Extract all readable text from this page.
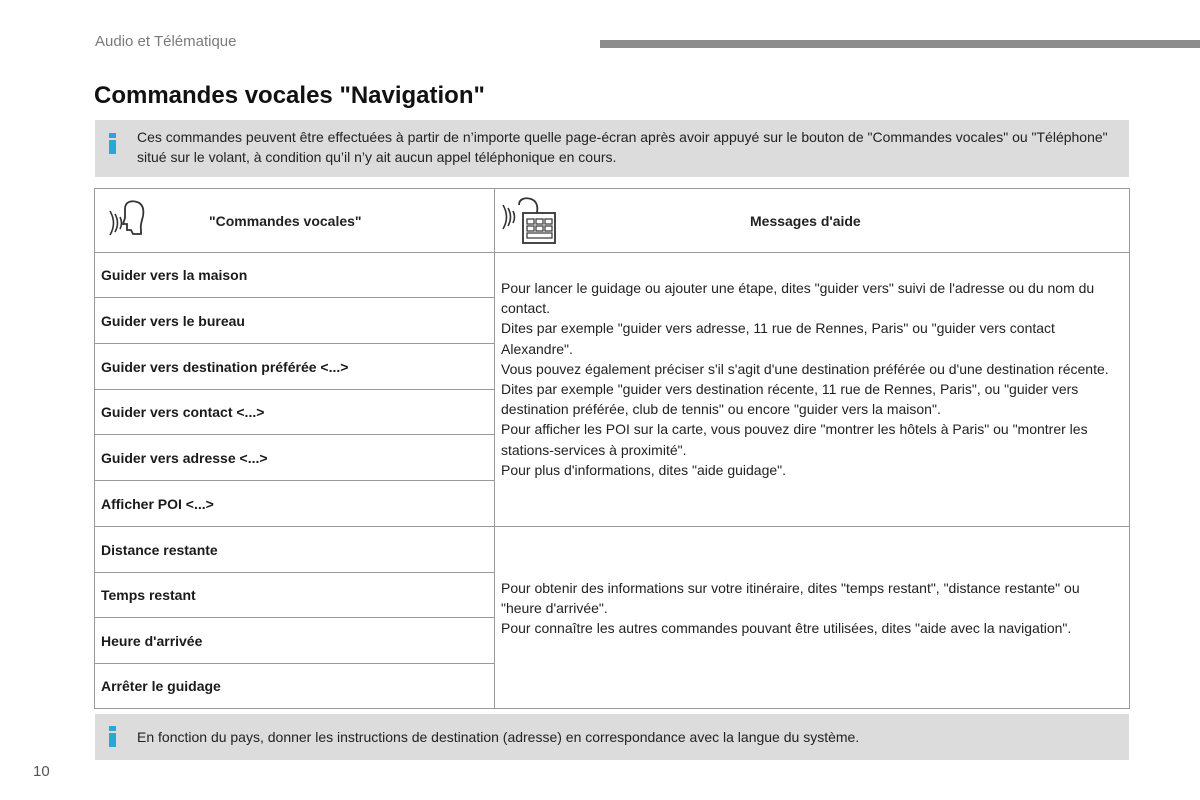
Audio et Télématique
Commandes vocales "Navigation"
Ces commandes peuvent être effectuées à partir de n’importe quelle page-écran après avoir appuyé sur le bouton de "Commandes vocales" ou "Téléphone" situé sur le volant, à condition qu’il n’y ait aucun appel téléphonique en cours.
"Commandes vocales"	Messages d'aide
Guider vers la maison
Guider vers le bureau
Guider vers destination préférée <...>
Guider vers contact <...>
Guider vers adresse <...>
Afficher POI <...>

Pour lancer le guidage ou ajouter une étape, dites "guider vers" suivi de l'adresse ou du nom du contact.

Dites par exemple "guider vers adresse, 11 rue de Rennes, Paris" ou "guider vers contact Alexandre".

Vous pouvez également préciser s'il s'agit d'une destination préférée ou d'une destination récente.

Dites par exemple "guider vers destination récente, 11 rue de Rennes, Paris", ou "guider vers destination préférée, club de tennis" ou encore "guider vers la maison".

Pour afficher les POI sur la carte, vous pouvez dire "montrer les hôtels à Paris" ou "montrer les stations-services à proximité".

Pour plus d'informations, dites "aide guidage".

Distance restante
Temps restant
Heure d'arrivée
Arrêter le guidage

Pour obtenir des informations sur votre itinéraire, dites "temps restant", "distance restante" ou "heure d'arrivée".

Pour connaître les autres commandes pouvant être utilisées, dites "aide avec la navigation".

En fonction du pays, donner les instructions de destination (adresse) en correspondance avec la langue du système.
10
